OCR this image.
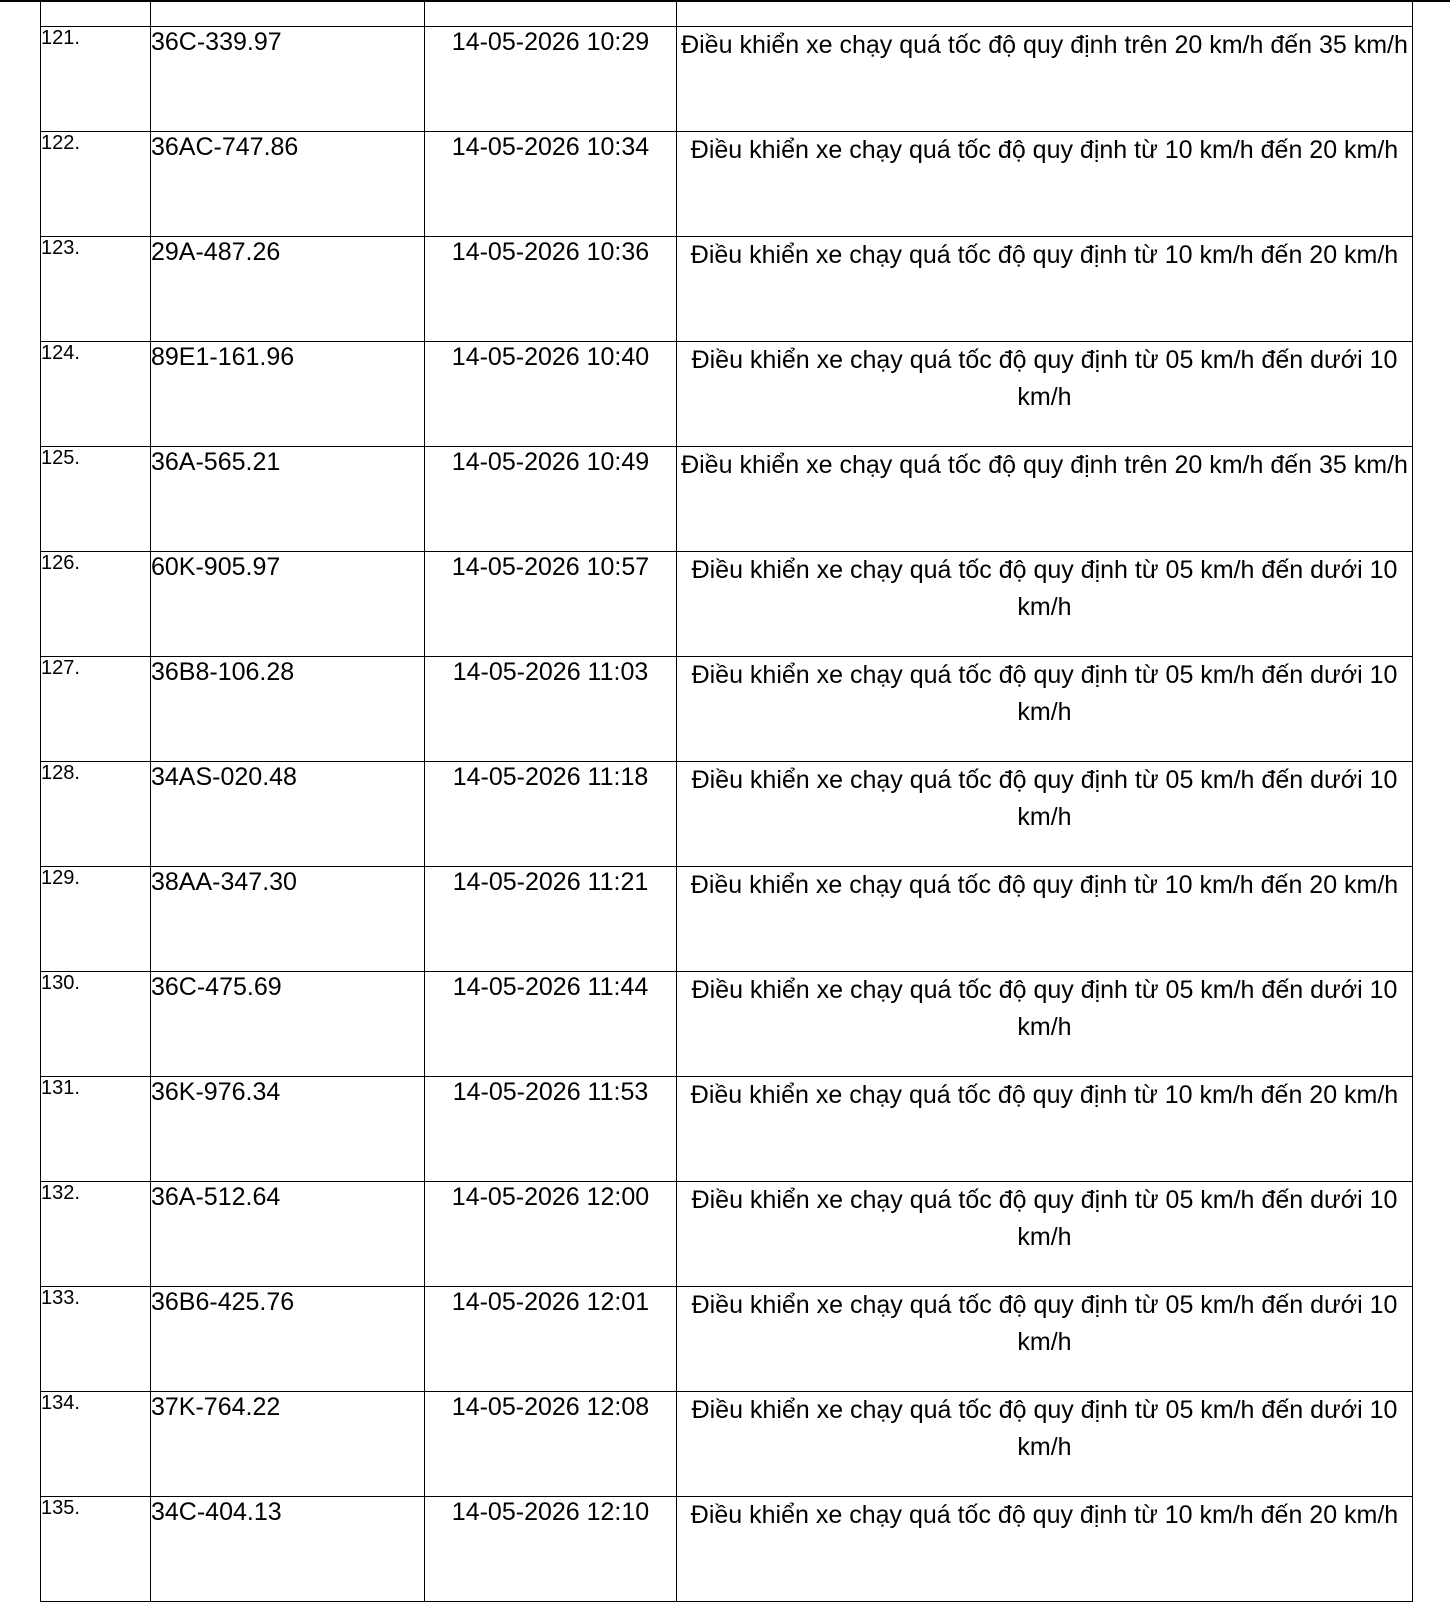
121.	36C-339.97	14-05-2026 10:29	Điều khiển xe chạy quá tốc độ quy định trên 20 km/h đến 35 km/h
122.	36AC-747.86	14-05-2026 10:34	Điều khiển xe chạy quá tốc độ quy định từ 10 km/h đến 20 km/h
123.	29A-487.26	14-05-2026 10:36	Điều khiển xe chạy quá tốc độ quy định từ 10 km/h đến 20 km/h
124.	89E1-161.96	14-05-2026 10:40	Điều khiển xe chạy quá tốc độ quy định từ 05 km/h đến dưới 10 km/h
125.	36A-565.21	14-05-2026 10:49	Điều khiển xe chạy quá tốc độ quy định trên 20 km/h đến 35 km/h
126.	60K-905.97	14-05-2026 10:57	Điều khiển xe chạy quá tốc độ quy định từ 05 km/h đến dưới 10 km/h
127.	36B8-106.28	14-05-2026 11:03	Điều khiển xe chạy quá tốc độ quy định từ 05 km/h đến dưới 10 km/h
128.	34AS-020.48	14-05-2026 11:18	Điều khiển xe chạy quá tốc độ quy định từ 05 km/h đến dưới 10 km/h
129.	38AA-347.30	14-05-2026 11:21	Điều khiển xe chạy quá tốc độ quy định từ 10 km/h đến 20 km/h
130.	36C-475.69	14-05-2026 11:44	Điều khiển xe chạy quá tốc độ quy định từ 05 km/h đến dưới 10 km/h
131.	36K-976.34	14-05-2026 11:53	Điều khiển xe chạy quá tốc độ quy định từ 10 km/h đến 20 km/h
132.	36A-512.64	14-05-2026 12:00	Điều khiển xe chạy quá tốc độ quy định từ 05 km/h đến dưới 10 km/h
133.	36B6-425.76	14-05-2026 12:01	Điều khiển xe chạy quá tốc độ quy định từ 05 km/h đến dưới 10 km/h
134.	37K-764.22	14-05-2026 12:08	Điều khiển xe chạy quá tốc độ quy định từ 05 km/h đến dưới 10 km/h
135.	34C-404.13	14-05-2026 12:10	Điều khiển xe chạy quá tốc độ quy định từ 10 km/h đến 20 km/h
